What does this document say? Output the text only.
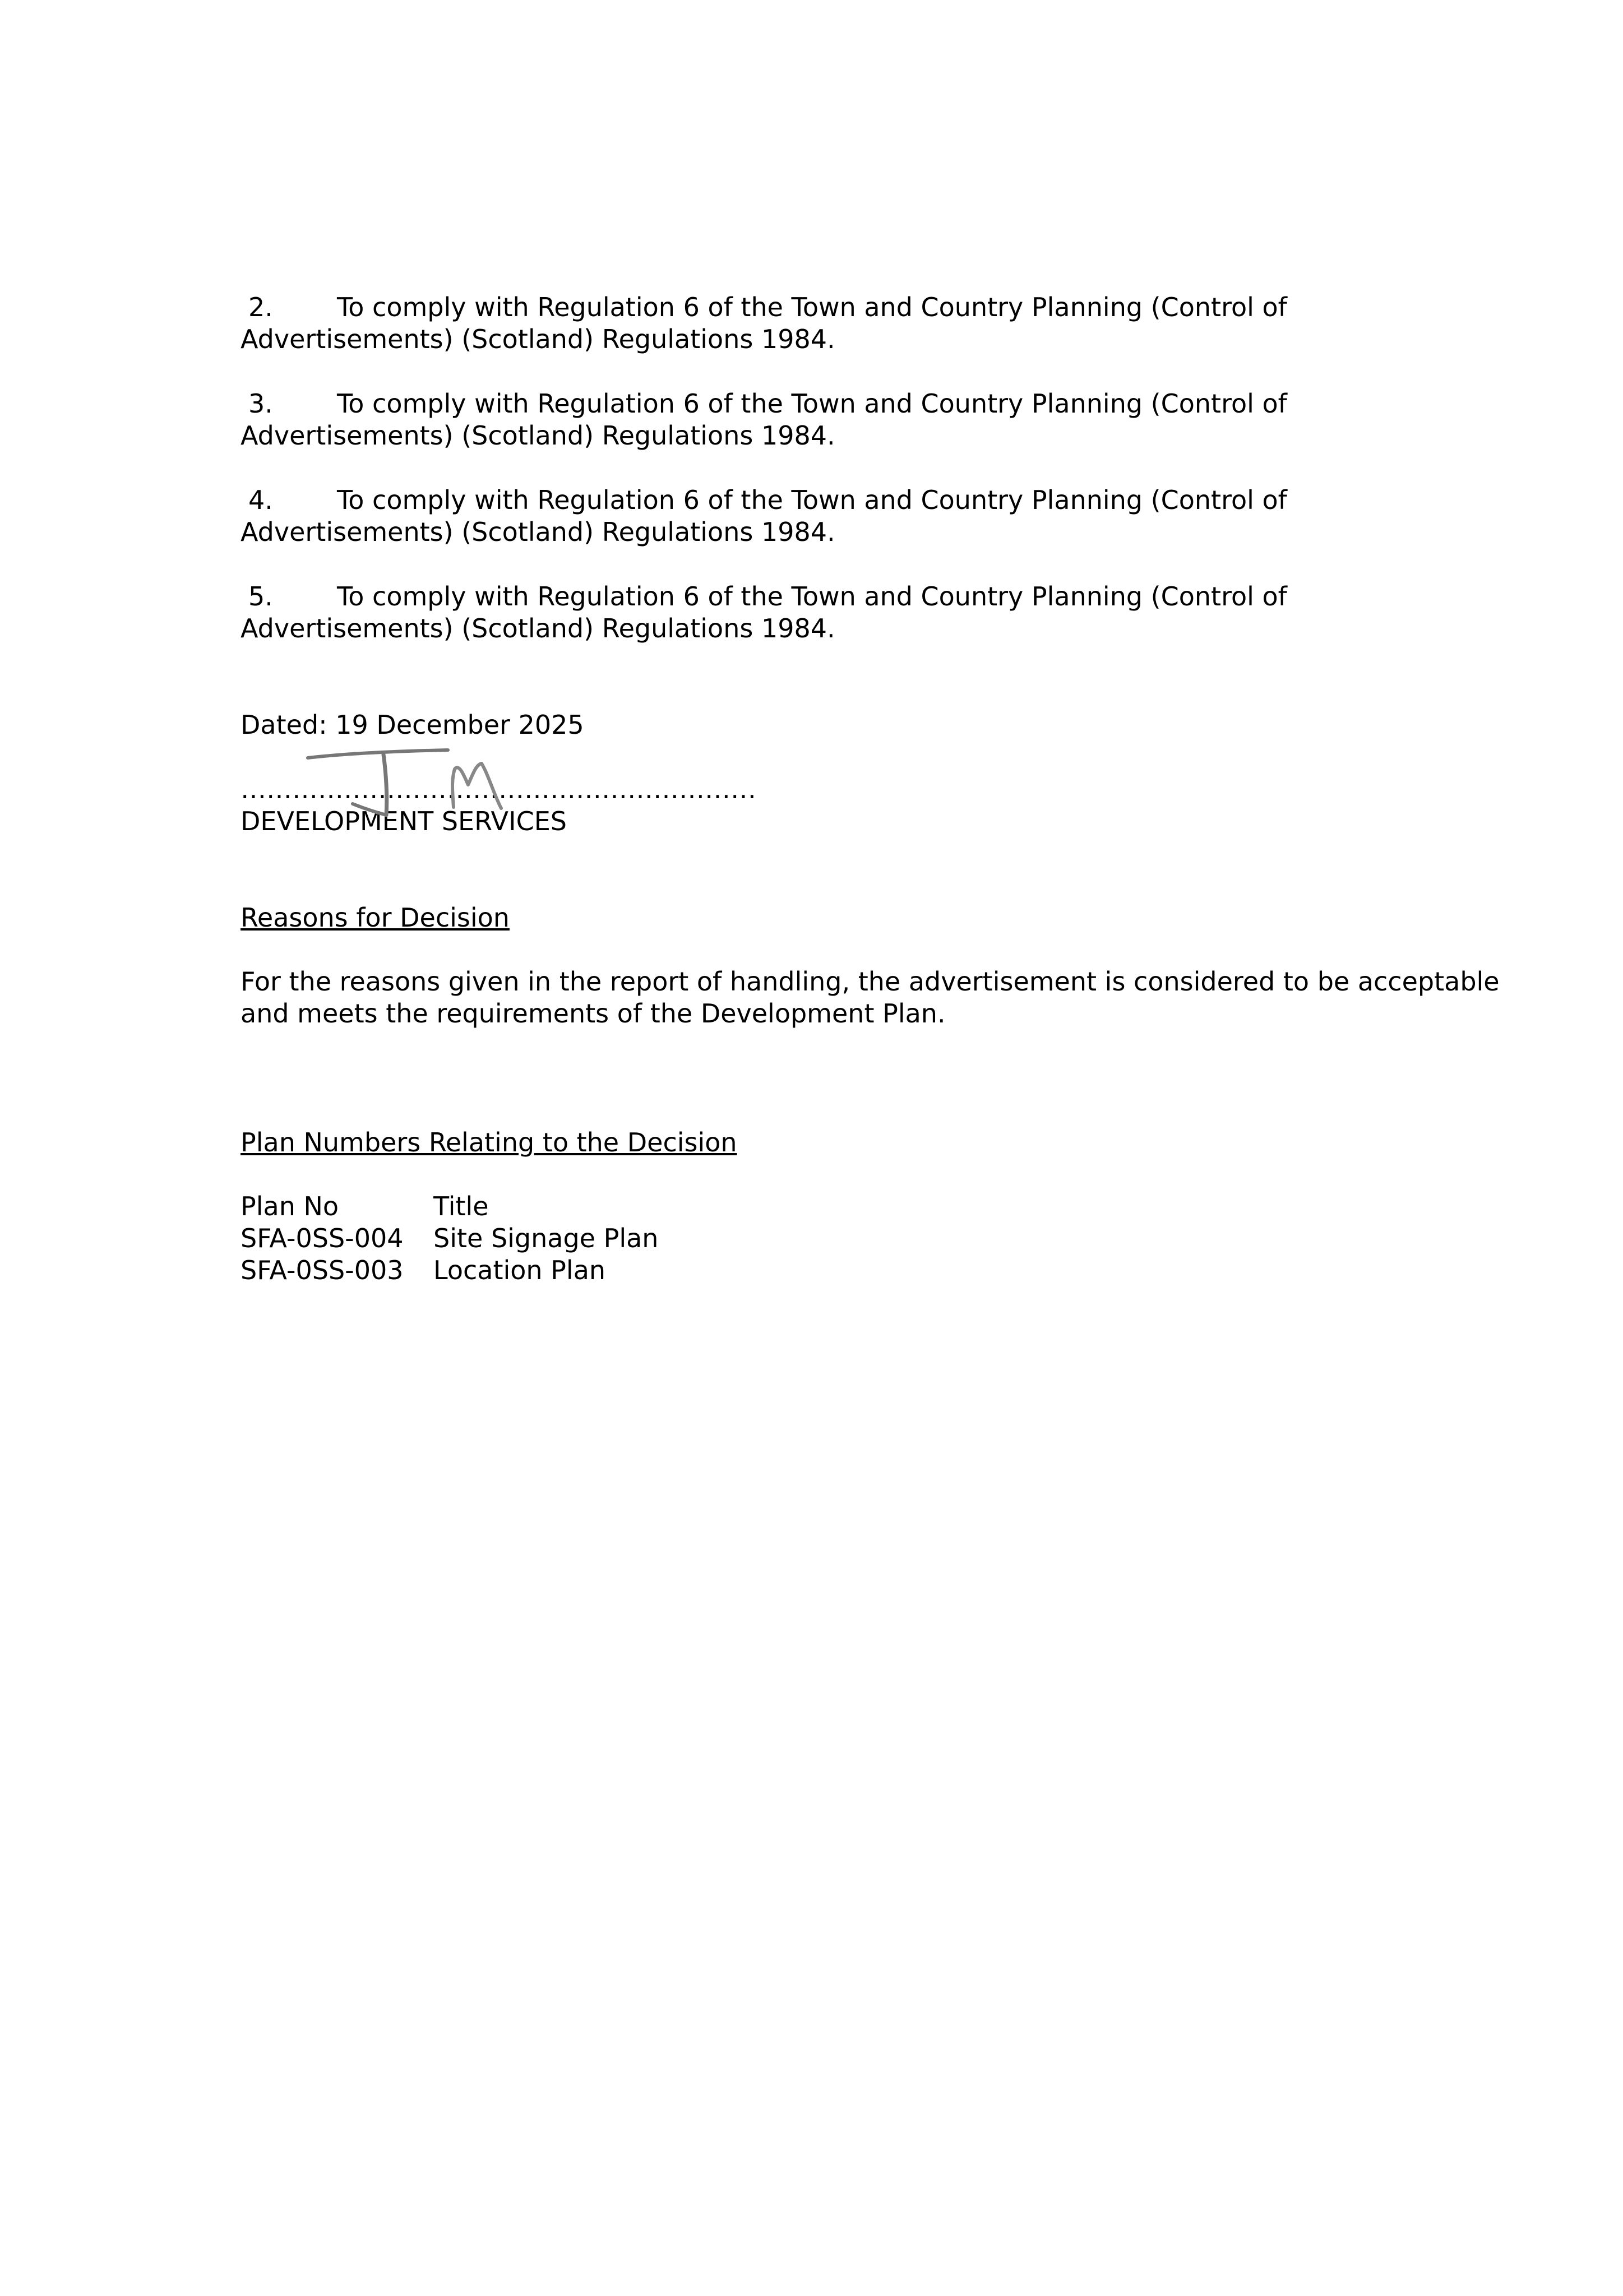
2. To comply with Regulation 6 of the Town and Country Planning (Control of
Advertisements) (Scotland) Regulations 1984.
3. To comply with Regulation 6 of the Town and Country Planning (Control of
Advertisements) (Scotland) Regulations 1984.
4. To comply with Regulation 6 of the Town and Country Planning (Control of
Advertisements) (Scotland) Regulations 1984.
5. To comply with Regulation 6 of the Town and Country Planning (Control of
Advertisements) (Scotland) Regulations 1984.
Dated: 19 December 2025
……………………………………………………
DEVELOPMENT SERVICES
Reasons for Decision
For the reasons given in the report of handling, the advertisement is considered to be acceptable
and meets the requirements of the Development Plan.
Plan Numbers Relating to the Decision
Plan No	Title
SFA-0SS-004	Site Signage Plan
SFA-0SS-003	Location Plan
